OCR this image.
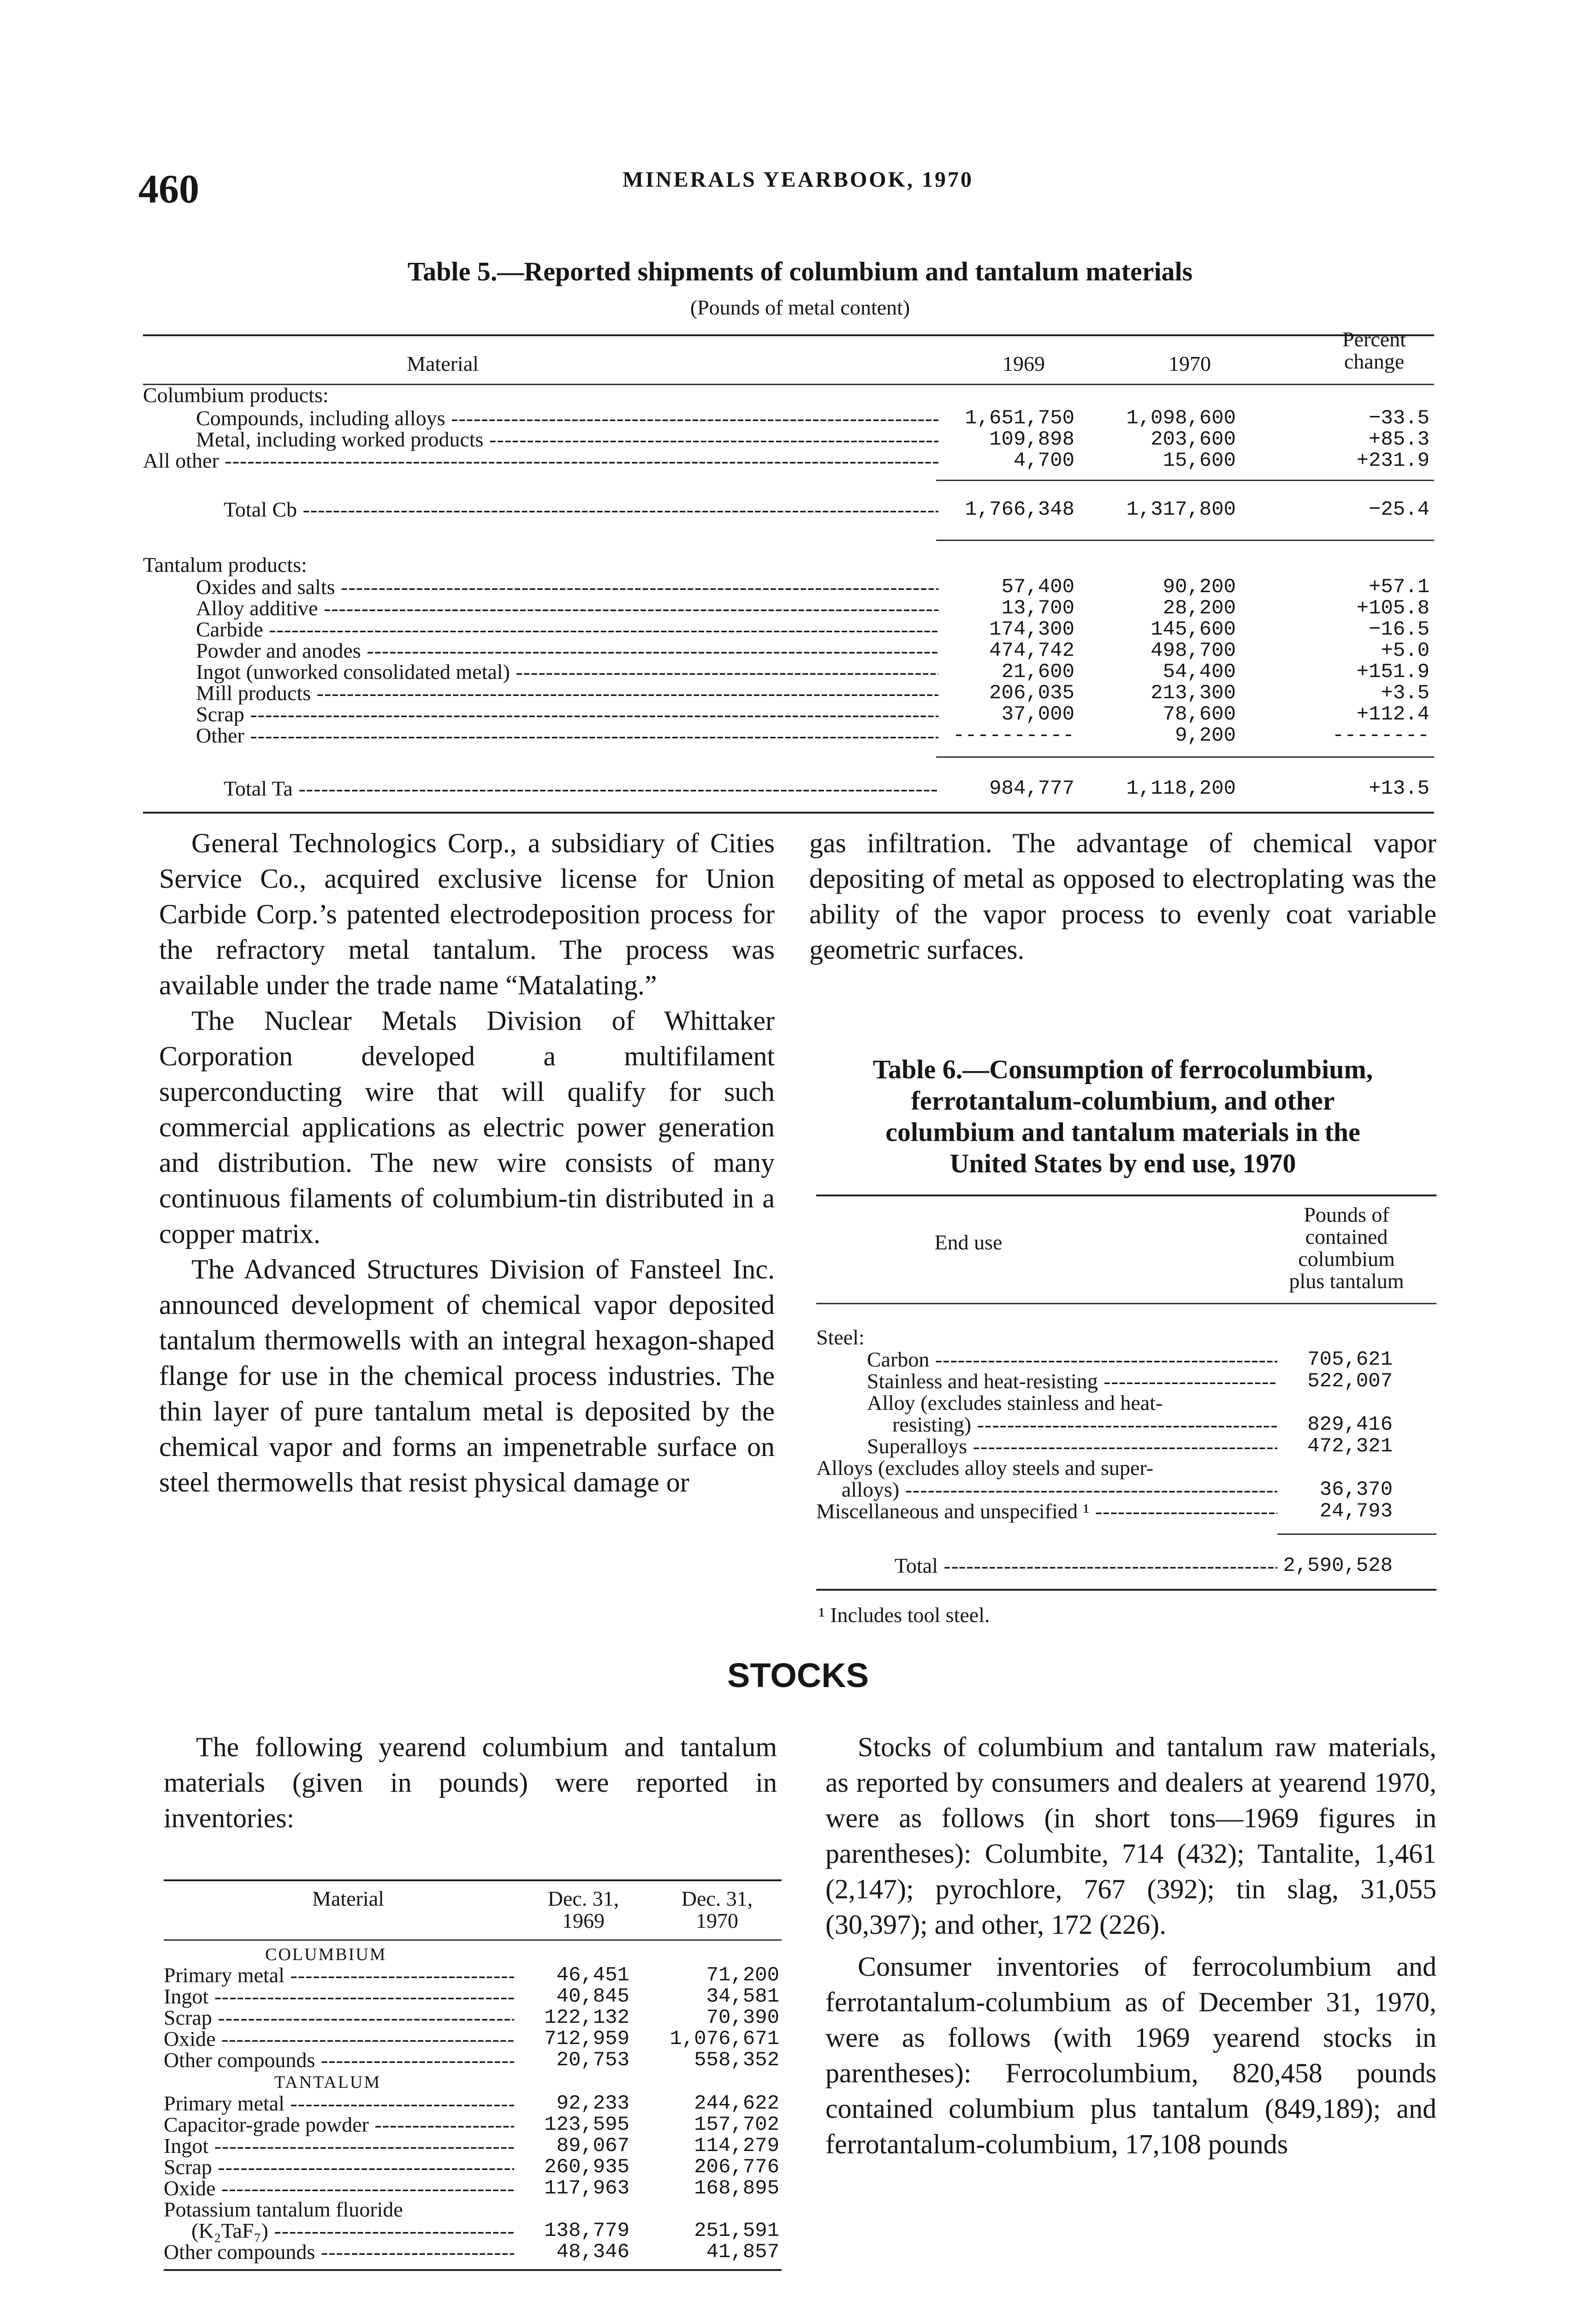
460	MINERALS YEARBOOK, 1970
Table 5.—Reported shipments of columbium and tantalum materials
(Pounds of metal content)
Material	1969	1970
Percent change
Columbium products:
Compounds, including alloys -----	1,651,750	1,098,600	−33.5
Metal, including worked products -----	109,898	203,600	+85.3
All other -----	4,700	15,600	+231.9
Total Cb -----	1,766,348	1,317,800	−25.4
Tantalum products:
Oxides and salts -----	57,400	90,200	+57.1
Alloy additive -----	13,700	28,200	+105.8
Carbide -----	174,300	145,600	−16.5
Powder and anodes -----	474,742	498,700	+5.0
Ingot (unworked consolidated metal) -----	21,600	54,400	+151.9
Mill products -----	206,035	213,300	+3.5
Scrap -----	37,000	78,600	+112.4
Other -----	----------	9,200	--------
Total Ta -----	984,777	1,118,200	+13.5

General Technologics Corp., a subsidiary of Cities Service Co., acquired exclusive license for Union Carbide Corp.’s patented electrodeposition process for the refractory metal tantalum. The process was available under the trade name “Matalating.”

The Nuclear Metals Division of Whittaker Corporation developed a multifilament superconducting wire that will qualify for such commercial applications as electric power generation and distribution. The new wire consists of many continuous filaments of columbium-tin distributed in a copper matrix.

The Advanced Structures Division of Fansteel Inc. announced development of chemical vapor deposited tantalum thermowells with an integral hexagon-shaped flange for use in the chemical process industries. The thin layer of pure tantalum metal is deposited by the chemical vapor and forms an impenetrable surface on steel thermowells that resist physical damage or

gas infiltration. The advantage of chemical vapor depositing of metal as opposed to electroplating was the ability of the vapor process to evenly coat variable geometric surfaces.

Table 6.—Consumption of ferrocolumbium,
ferrotantalum-columbium, and other
columbium and tantalum materials in the
United States by end use, 1970
End use
Pounds of
contained
columbium
plus tantalum
Steel:
Carbon -----	705,621
Stainless and heat-resisting -----	522,007
Alloy (excludes stainless and heat-
resisting) -----	829,416
Superalloys -----	472,321
Alloys (excludes alloy steels and super-
alloys) -----	36,370
Miscellaneous and unspecified ¹ -----	24,793
Total -----	2,590,528
¹ Includes tool steel.
STOCKS

The following yearend columbium and tantalum materials (given in pounds) were reported in inventories:

Material	Dec. 31,
1969
Dec. 31,
1970
COLUMBIUM
Primary metal -----	46,451	71,200
Ingot -----	40,845	34,581
Scrap -----	122,132	70,390
Oxide -----	712,959	1,076,671
Other compounds -----	20,753	558,352
TANTALUM
Primary metal -----	92,233	244,622
Capacitor-grade powder -----	123,595	157,702
Ingot -----	89,067	114,279
Scrap -----	260,935	206,776
Oxide -----	117,963	168,895
Potassium tantalum fluoride
(K₂TaF₇) -----	138,779	251,591
Other compounds -----	48,346	41,857

Stocks of columbium and tantalum raw materials, as reported by consumers and dealers at yearend 1970, were as follows (in short tons—1969 figures in parentheses): Columbite, 714 (432); Tantalite, 1,461 (2,147); pyrochlore, 767 (392); tin slag, 31,055 (30,397); and other, 172 (226).

Consumer inventories of ferrocolumbium and ferrotantalum-columbium as of December 31, 1970, were as follows (with 1969 yearend stocks in parentheses): Ferrocolumbium, 820,458 pounds contained columbium plus tantalum (849,189); and ferrotantalum-columbium, 17,108 pounds
